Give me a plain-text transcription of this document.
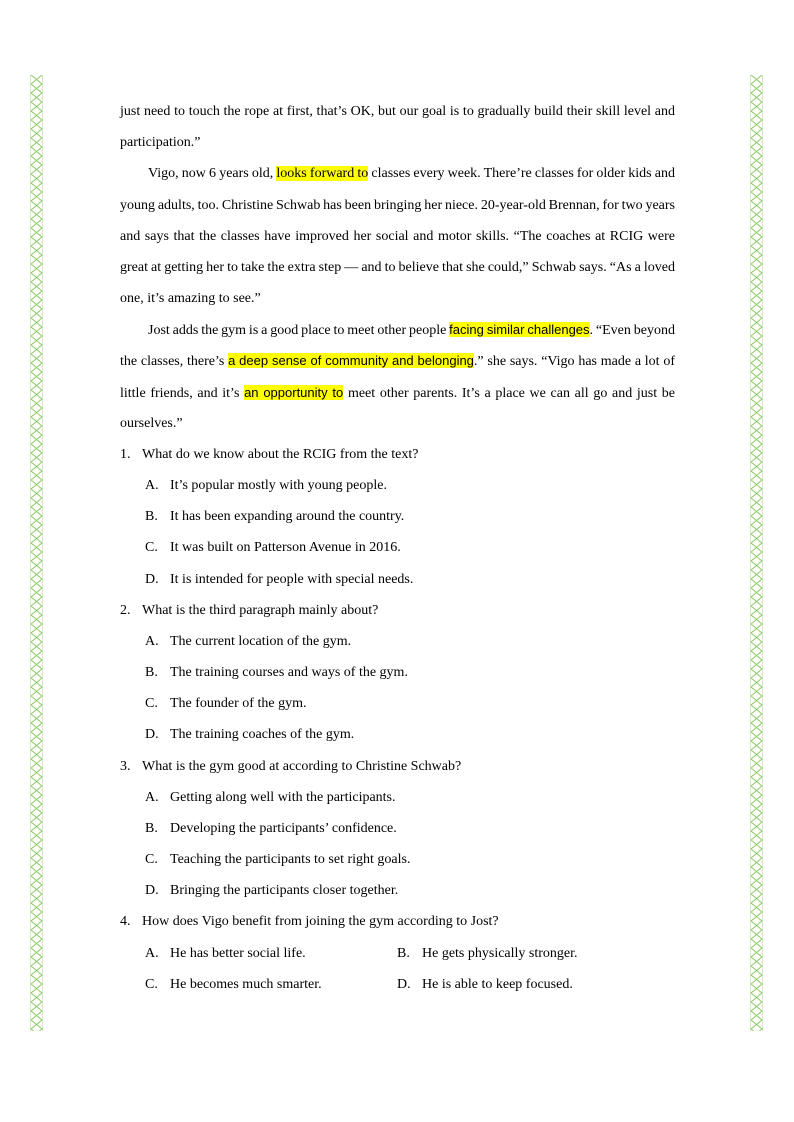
just need to touch the rope at first, that’s OK, but our goal is to gradually build their skill level and
participation.”
Vigo, now 6 years old, looks forward to classes every week. There’re classes for older kids and
young adults, too. Christine Schwab has been bringing her niece. 20-year-old Brennan, for two years
and says that the classes have improved her social and motor skills. “The coaches at RCIG were
great at getting her to take the extra step — and to believe that she could,” Schwab says. “As a loved
one, it’s amazing to see.”
Jost adds the gym is a good place to meet other people facing similar challenges. “Even beyond
the classes, there’s a deep sense of community and belonging.” she says. “Vigo has made a lot of
little friends, and it’s an opportunity to meet other parents. It’s a place we can all go and just be
ourselves.”
1. What do we know about the RCIG from the text?
A. It’s popular mostly with young people.
B. It has been expanding around the country.
C. It was built on Patterson Avenue in 2016.
D. It is intended for people with special needs.
2. What is the third paragraph mainly about?
A. The current location of the gym.
B. The training courses and ways of the gym.
C. The founder of the gym.
D. The training coaches of the gym.
3. What is the gym good at according to Christine Schwab?
A. Getting along well with the participants.
B. Developing the participants’ confidence.
C. Teaching the participants to set right goals.
D. Bringing the participants closer together.
4. How does Vigo benefit from joining the gym according to Jost?
A. He has better social life.	B. He gets physically stronger.
C. He becomes much smarter.	D. He is able to keep focused.
